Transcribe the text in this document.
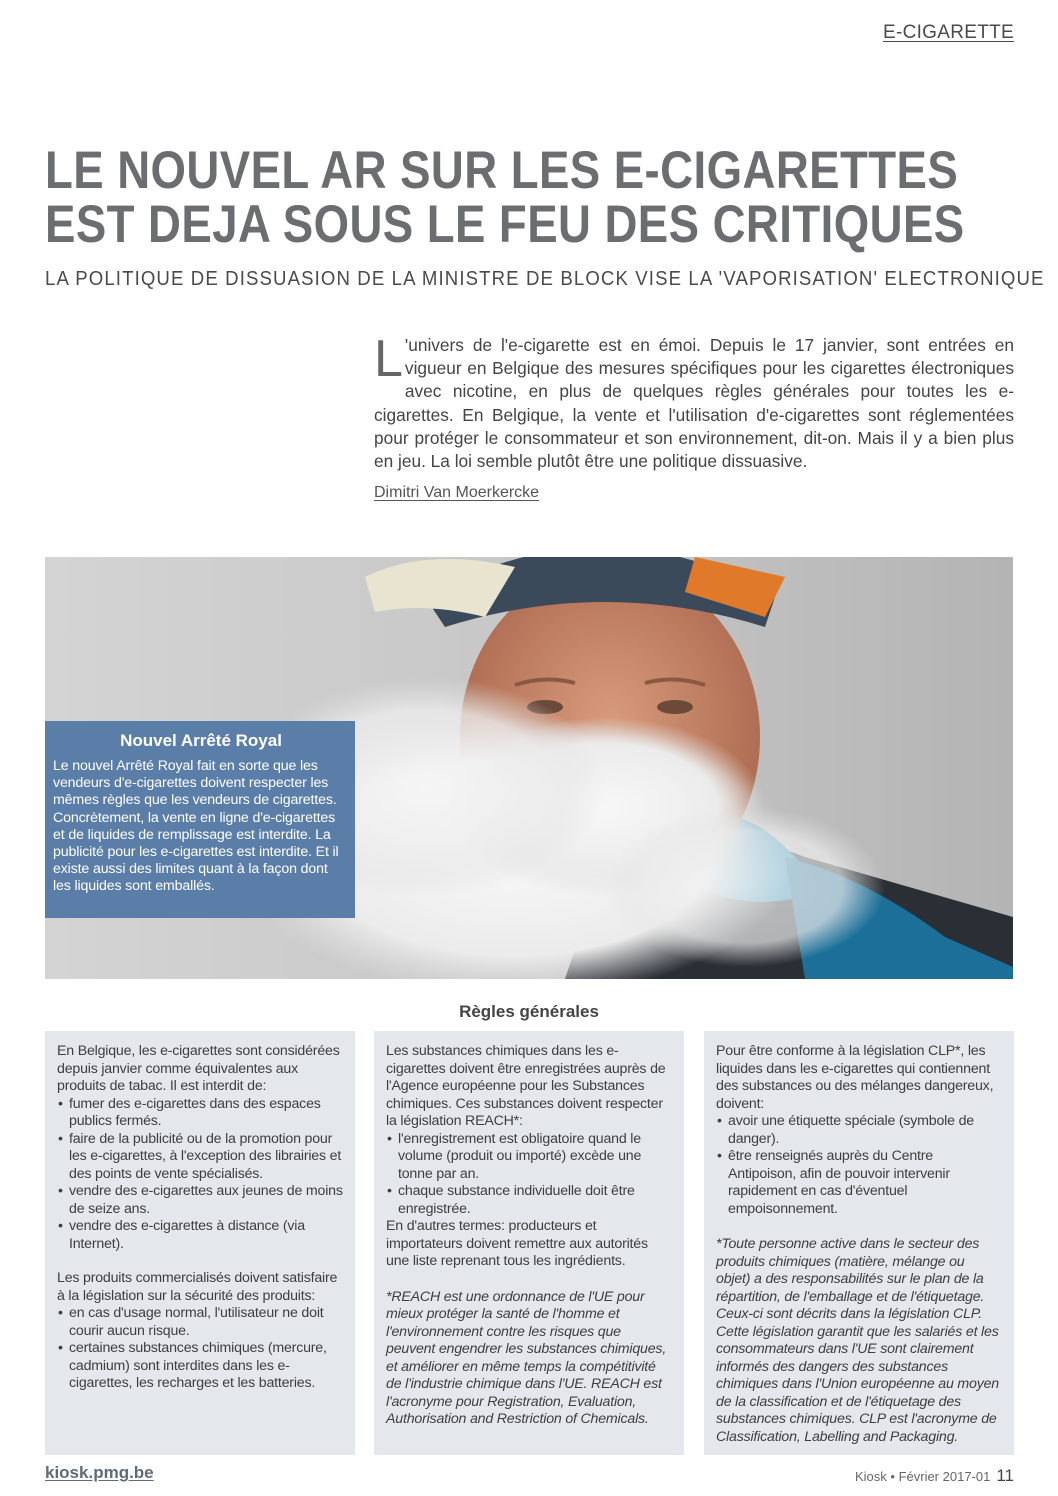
E-CIGARETTE
LE NOUVEL AR SUR LES E-CIGARETTES
EST DEJA SOUS LE FEU DES CRITIQUES
LA POLITIQUE DE DISSUASION DE LA MINISTRE DE BLOCK VISE LA 'VAPORISATION' ELECTRONIQUE
L 'univers de l'e-cigarette est en émoi. Depuis le 17 janvier, sont entrées en vigueur en Belgique des mesures spécifiques pour les cigarettes électroniques avec nicotine, en plus de quelques règles générales pour toutes les e-cigarettes. En Belgique, la vente et l'utilisation d'e-cigarettes sont réglementées pour protéger le consommateur et son environnement, dit-on. Mais il y a bien plus en jeu. La loi semble plutôt être une politique dissuasive.
Dimitri Van Moerkercke
Nouvel Arrêté Royal

Le nouvel Arrêté Royal fait en sorte que les vendeurs d'e-cigarettes doivent respecter les mêmes règles que les vendeurs de cigarettes. Concrètement, la vente en ligne d'e-cigarettes et de liquides de remplissage est interdite. La publicité pour les e-cigarettes est interdite. Et il existe aussi des limites quant à la façon dont les liquides sont emballés.

Règles générales

En Belgique, les e-cigarettes sont considérées depuis janvier comme équivalentes aux produits de tabac. Il est interdit de:

• fumer des e-cigarettes dans des espaces publics fermés.
• faire de la publicité ou de la promotion pour les e-cigarettes, à l'exception des librairies et des points de vente spécialisés.
• vendre des e-cigarettes aux jeunes de moins de seize ans.
• vendre des e-cigarettes à distance (via Internet).

Les produits commercialisés doivent satisfaire à la législation sur la sécurité des produits:

• en cas d'usage normal, l'utilisateur ne doit courir aucun risque.
• certaines substances chimiques (mercure, cadmium) sont interdites dans les e-cigarettes, les recharges et les batteries.

Les substances chimiques dans les e-cigarettes doivent être enregistrées auprès de l'Agence européenne pour les Substances chimiques. Ces substances doivent respecter la législation REACH*:

• l'enregistrement est obligatoire quand le volume (produit ou importé) excède une tonne par an.
• chaque substance individuelle doit être enregistrée.

En d'autres termes: producteurs et importateurs doivent remettre aux autorités une liste reprenant tous les ingrédients.

*REACH est une ordonnance de l'UE pour mieux protéger la santé de l'homme et l'environnement contre les risques que peuvent engendrer les substances chimiques, et améliorer en même temps la compétitivité de l'industrie chimique dans l'UE. REACH est l'acronyme pour Registration, Evaluation, Authorisation and Restriction of Chemicals.

Pour être conforme à la législation CLP*, les liquides dans les e-cigarettes qui contiennent des substances ou des mélanges dangereux, doivent:

• avoir une étiquette spéciale (symbole de danger).
• être renseignés auprès du Centre Antipoison, afin de pouvoir intervenir rapidement en cas d'éventuel empoisonnement.

*Toute personne active dans le secteur des produits chimiques (matière, mélange ou objet) a des responsabilités sur le plan de la répartition, de l'emballage et de l'étiquetage. Ceux-ci sont décrits dans la législation CLP. Cette législation garantit que les salariés et les consommateurs dans l'UE sont clairement informés des dangers des substances chimiques dans l'Union européenne au moyen de la classification et de l'étiquetage des substances chimiques. CLP est l'acronyme de Classification, Labelling and Packaging.

kiosk.pmg.be	Kiosk • Février 2017-01 11
